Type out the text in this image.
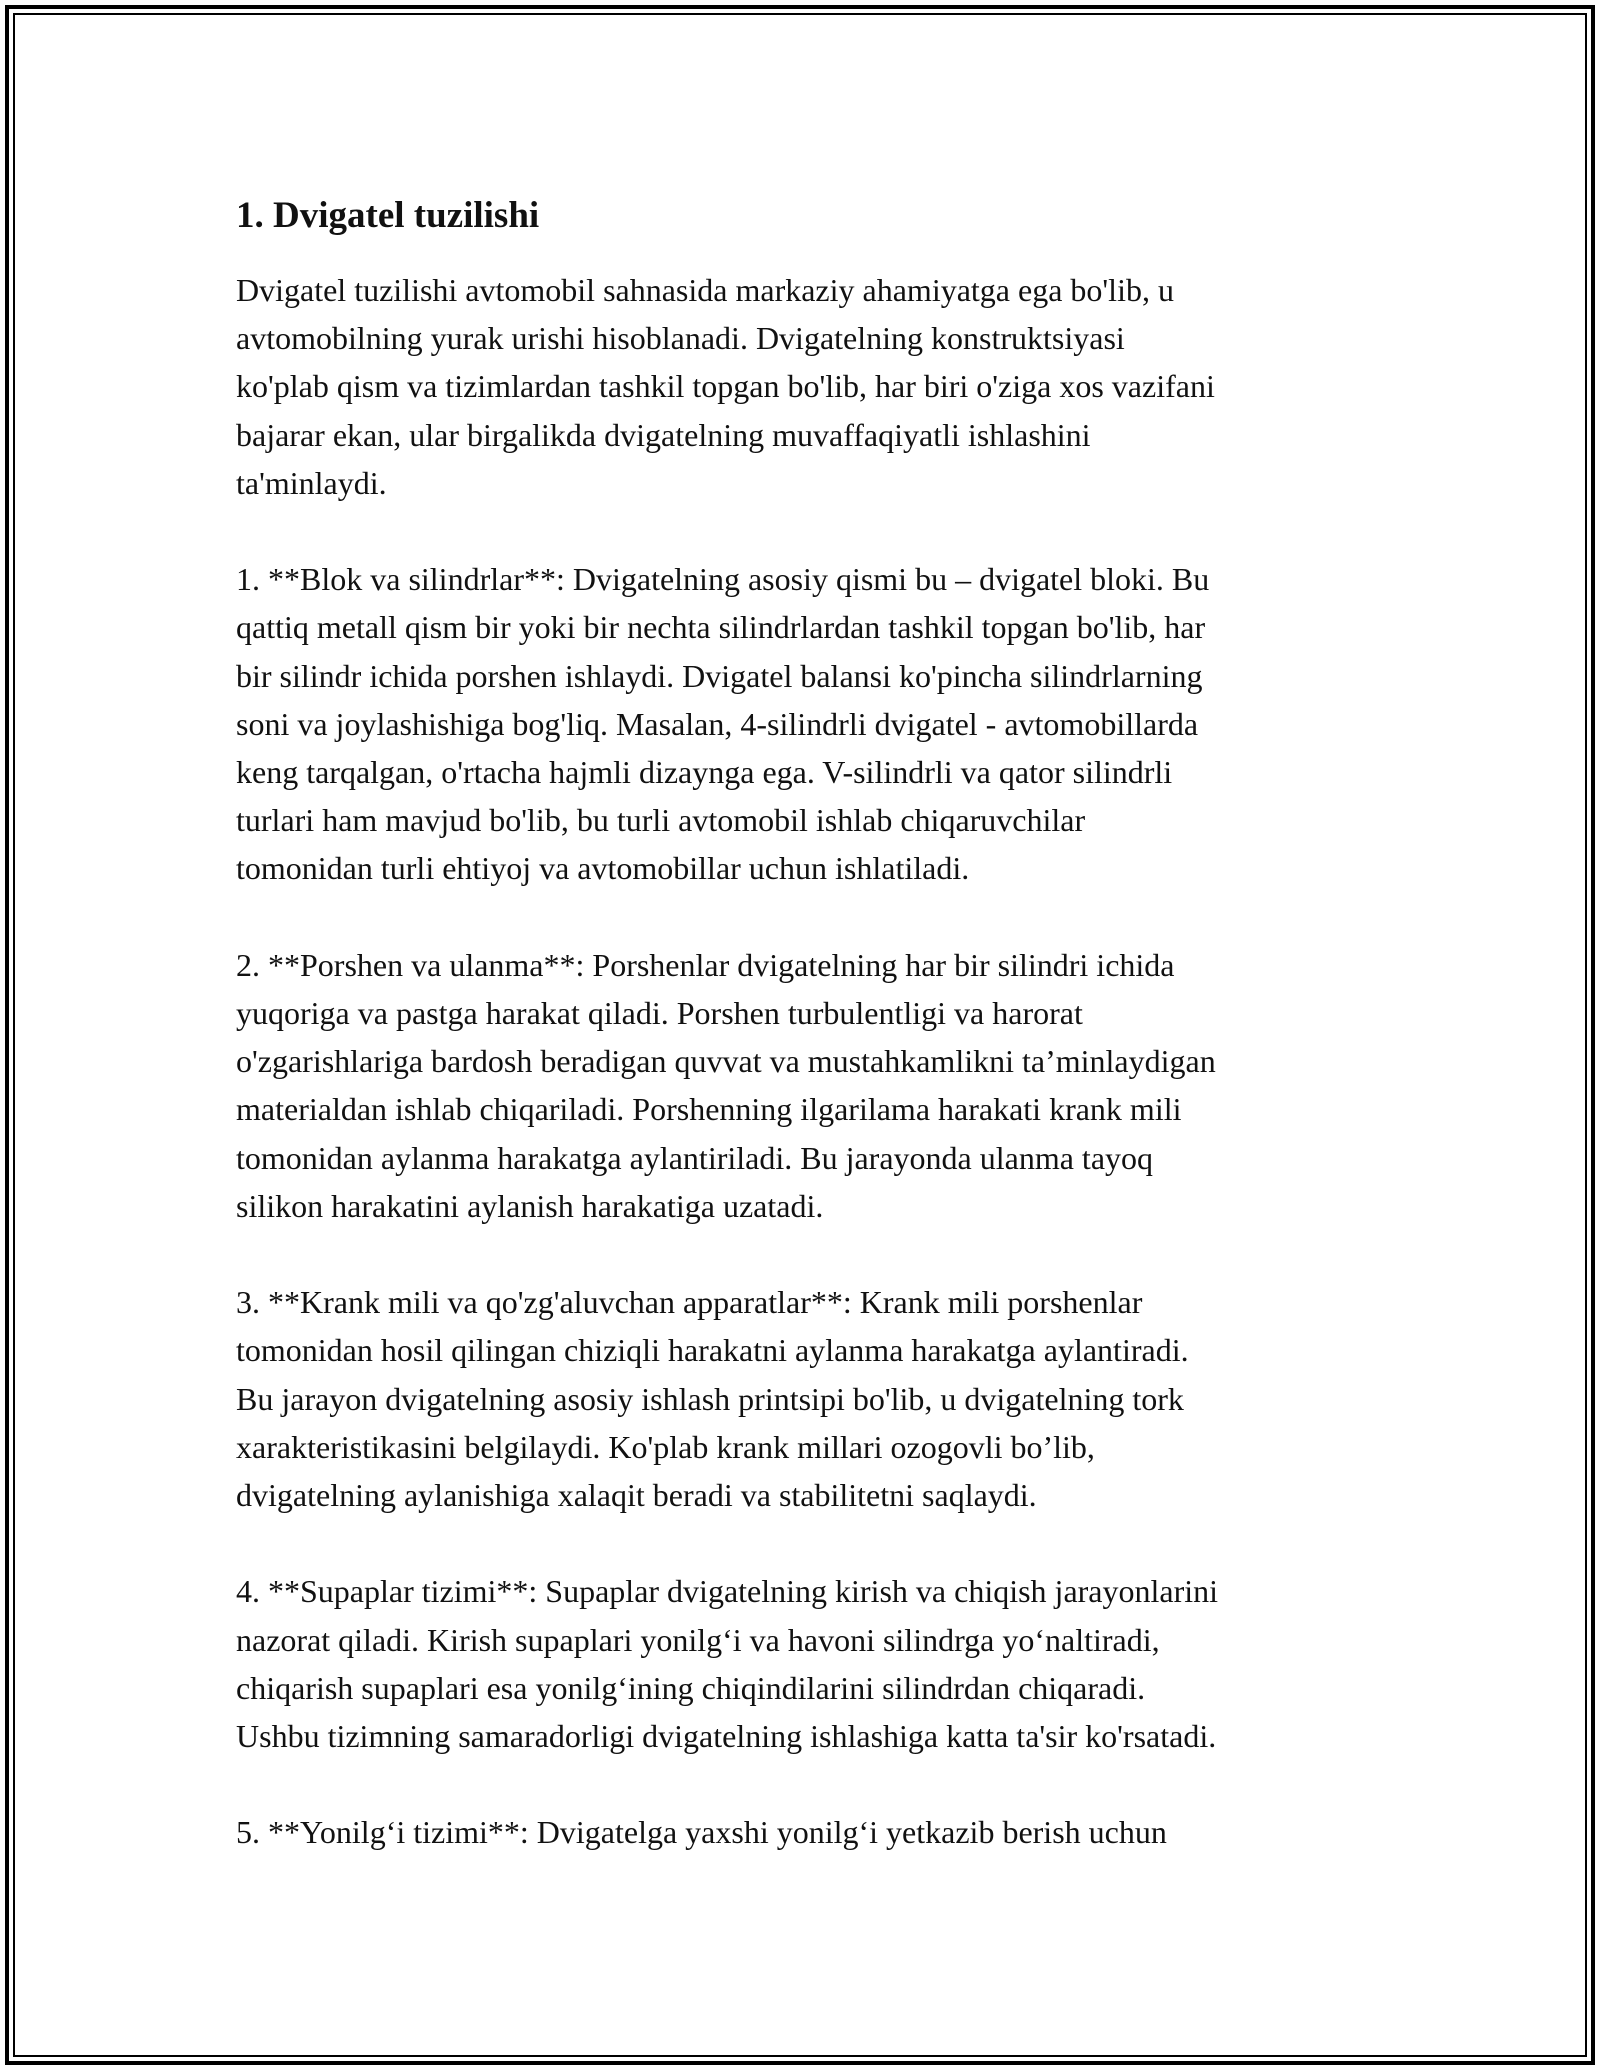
1. Dvigatel tuzilishi

Dvigatel tuzilishi avtomobil sahnasida markaziy ahamiyatga ega bo'lib, u
avtomobilning yurak urishi hisoblanadi. Dvigatelning konstruktsiyasi
ko'plab qism va tizimlardan tashkil topgan bo'lib, har biri o'ziga xos vazifani
bajarar ekan, ular birgalikda dvigatelning muvaffaqiyatli ishlashini
ta'minlaydi.

1. **Blok va silindrlar**: Dvigatelning asosiy qismi bu – dvigatel bloki. Bu
qattiq metall qism bir yoki bir nechta silindrlardan tashkil topgan bo'lib, har
bir silindr ichida porshen ishlaydi. Dvigatel balansi ko'pincha silindrlarning
soni va joylashishiga bog'liq. Masalan, 4-silindrli dvigatel - avtomobillarda
keng tarqalgan, o'rtacha hajmli dizaynga ega. V-silindrli va qator silindrli
turlari ham mavjud bo'lib, bu turli avtomobil ishlab chiqaruvchilar
tomonidan turli ehtiyoj va avtomobillar uchun ishlatiladi.

2. **Porshen va ulanma**: Porshenlar dvigatelning har bir silindri ichida
yuqoriga va pastga harakat qiladi. Porshen turbulentligi va harorat
o'zgarishlariga bardosh beradigan quvvat va mustahkamlikni ta’minlaydigan
materialdan ishlab chiqariladi. Porshenning ilgarilama harakati krank mili
tomonidan aylanma harakatga aylantiriladi. Bu jarayonda ulanma tayoq
silikon harakatini aylanish harakatiga uzatadi.

3. **Krank mili va qo'zg'aluvchan apparatlar**: Krank mili porshenlar
tomonidan hosil qilingan chiziqli harakatni aylanma harakatga aylantiradi.
Bu jarayon dvigatelning asosiy ishlash printsipi bo'lib, u dvigatelning tork
xarakteristikasini belgilaydi. Ko'plab krank millari ozogovli bo’lib,
dvigatelning aylanishiga xalaqit beradi va stabilitetni saqlaydi.

4. **Supaplar tizimi**: Supaplar dvigatelning kirish va chiqish jarayonlarini
nazorat qiladi. Kirish supaplari yonilg‘i va havoni silindrga yo‘naltiradi,
chiqarish supaplari esa yonilg‘ining chiqindilarini silindrdan chiqaradi.
Ushbu tizimning samaradorligi dvigatelning ishlashiga katta ta'sir ko'rsatadi.

5. **Yonilg‘i tizimi**: Dvigatelga yaxshi yonilg‘i yetkazib berish uchun
